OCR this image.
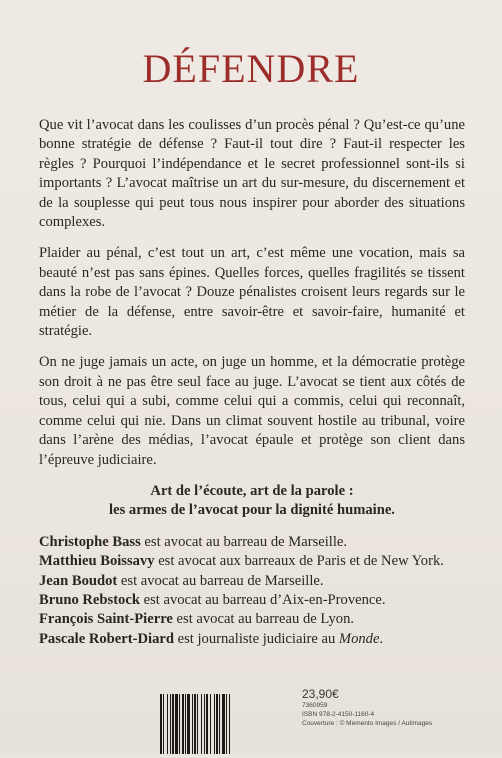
DÉFENDRE

Que vit l’avocat dans les coulisses d’un procès pénal ? Qu’est-ce qu’une bonne stratégie de défense ? Faut-il tout dire ? Faut-il respecter les règles ? Pourquoi l’indépendance et le secret professionnel sont-ils si importants ? L’avocat maîtrise un art du sur-mesure, du discernement et de la souplesse qui peut tous nous inspirer pour aborder des situations complexes.

Plaider au pénal, c’est tout un art, c’est même une vocation, mais sa beauté n’est pas sans épines. Quelles forces, quelles fragilités se tissent dans la robe de l’avocat ? Douze pénalistes croisent leurs regards sur le métier de la défense, entre savoir-être et savoir-faire, humanité et stratégie.

On ne juge jamais un acte, on juge un homme, et la démocratie protège son droit à ne pas être seul face au juge. L’avocat se tient aux côtés de tous, celui qui a subi, comme celui qui a commis, celui qui reconnaît, comme celui qui nie. Dans un climat souvent hostile au tribunal, voire dans l’arène des médias, l’avocat épaule et protège son client dans l’épreuve judiciaire.

Art de l’écoute, art de la parole :
les armes de l’avocat pour la dignité humaine.
Christophe Bass est avocat au barreau de Marseille.
Matthieu Boissavy est avocat aux barreaux de Paris et de New York.
Jean Boudot est avocat au barreau de Marseille.
Bruno Rebstock est avocat au barreau d’Aix-en-Provence.
François Saint-Pierre est avocat au barreau de Lyon.
Pascale Robert-Diard est journaliste judiciaire au Monde.
23,90€
7360959
ISBN 978-2-4150-1160-4
Couverture : © Memento Images / Autimages
